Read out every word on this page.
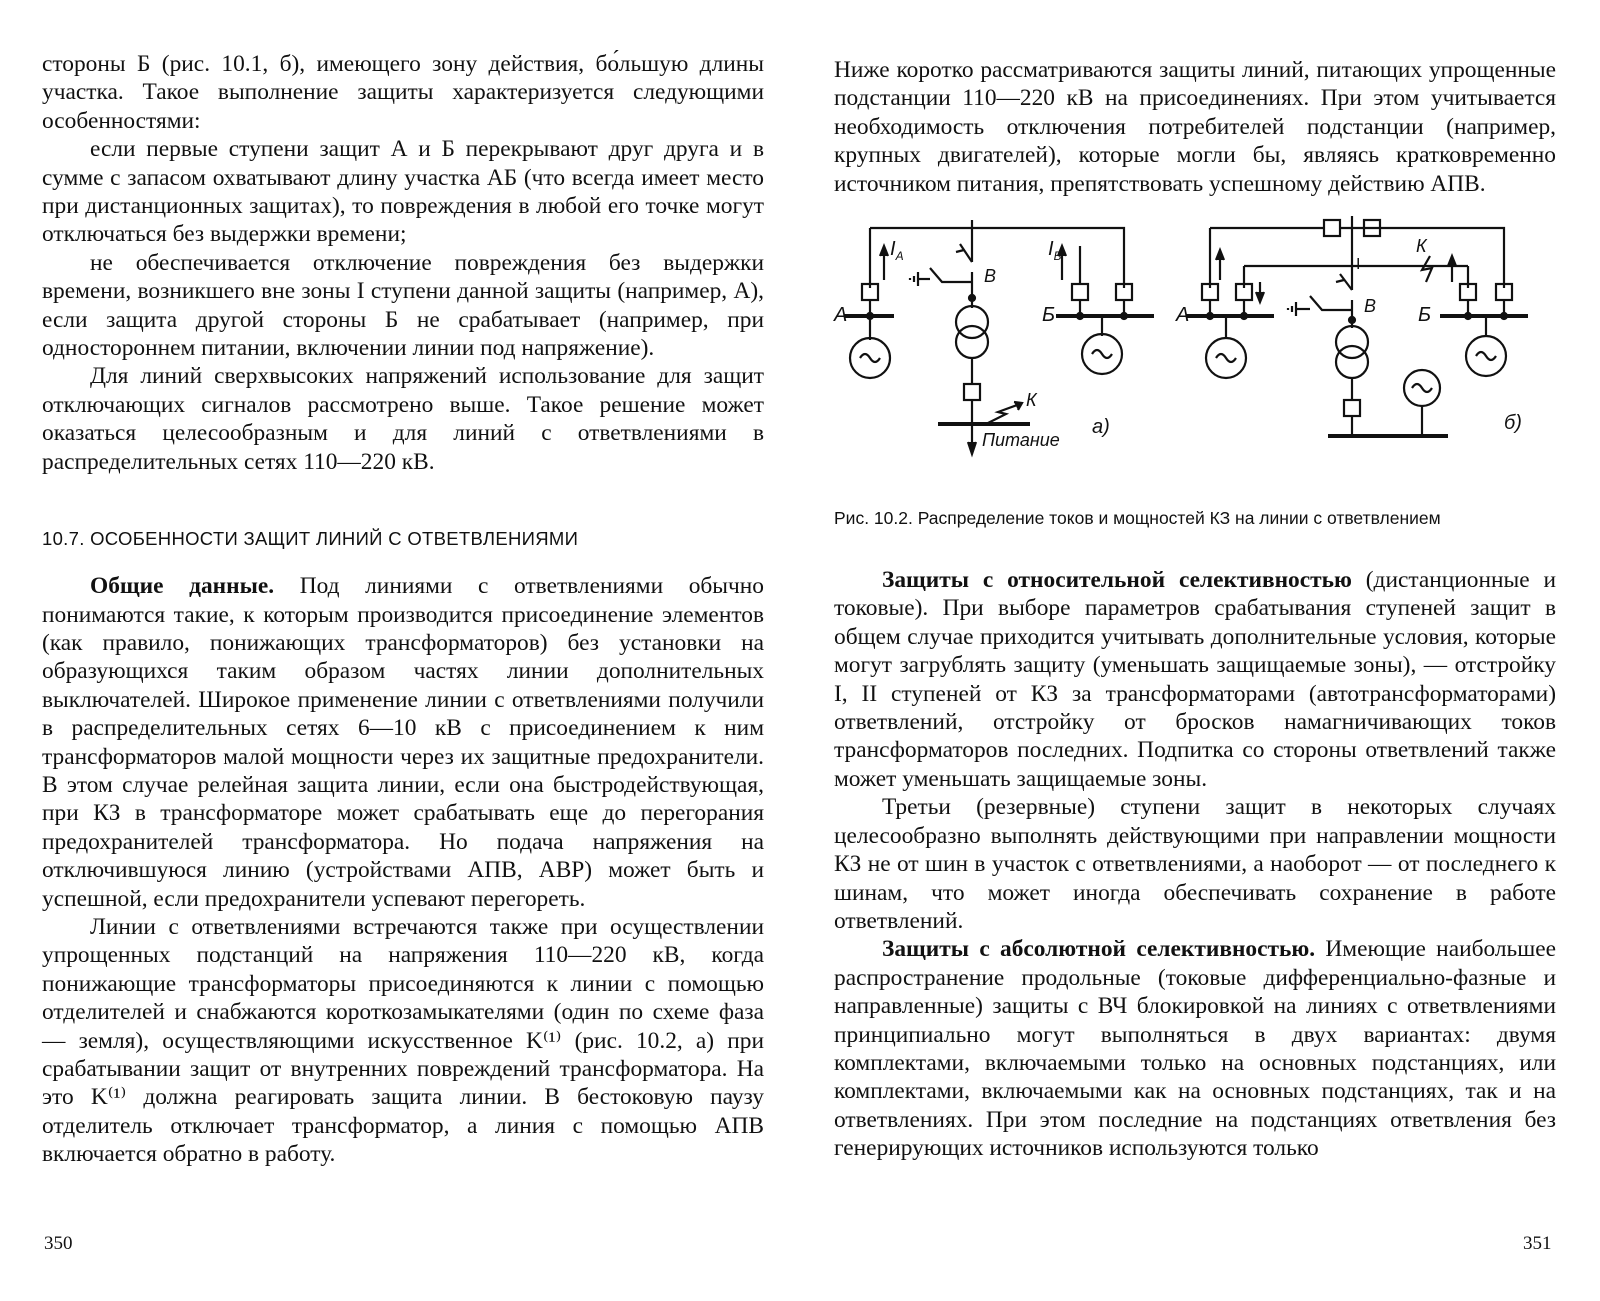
стороны Б (рис. 10.1, б), имеющего зону действия, бо́льшую длины участка. Такое выполнение защиты характеризуется следующими особенностями:

если первые ступени защит А и Б перекрывают друг друга и в сумме с запасом охватывают длину участка АБ (что всегда имеет место при дистанционных защитах), то повреждения в любой его точке могут отключаться без выдержки времени;

не обеспечивается отключение повреждения без выдержки времени, возникшего вне зоны I ступени данной защиты (например, А), если защита другой стороны Б не срабатывает (например, при одностороннем питании, включении линии под напряжение).

Для линий сверхвысоких напряжений использование для защит отключающих сигналов рассмотрено выше. Такое решение может оказаться целесообразным и для линий с ответвлениями в распределительных сетях 110—220 кВ.

10.7. ОСОБЕННОСТИ ЗАЩИТ ЛИНИЙ С ОТВЕТВЛЕНИЯМИ

Общие данные. Под линиями с ответвлениями обычно понимаются такие, к которым производится присоединение элементов (как правило, понижающих трансформаторов) без установки на образующихся таким образом частях линии дополнительных выключателей. Широкое применение линии с ответвлениями получили в распределительных сетях 6—10 кВ с присоединением к ним трансформаторов малой мощности через их защитные предохранители. В этом случае релейная защита линии, если она быстродействующая, при КЗ в трансформаторе может срабатывать еще до перегорания предохранителей трансформатора. Но подача напряжения на отключившуюся линию (устройствами АПВ, АВР) может быть и успешной, если предохранители успевают перегореть.

Линии с ответвлениями встречаются также при осуществлении упрощенных подстанций на напряжения 110—220 кВ, когда понижающие трансформаторы присоединяются к линии с помощью отделителей и снабжаются короткозамыкателями (один по схеме фаза — земля), осуществляющими искусственное K⁽¹⁾ (рис. 10.2, а) при срабатывании защит от внутренних повреждений трансформатора. На это K⁽¹⁾ должна реагировать защита линии. В бестоковую паузу отделитель отключает трансформатор, а линия с помощью АПВ включается обратно в работу.

350

Ниже коротко рассматриваются защиты линий, питающих упрощенные подстанции 110—220 кВ на присоединениях. При этом учитывается необходимость отключения потребителей подстанции (например, крупных двигателей), которые могли бы, являясь кратковременно источником питания, препятствовать успешному действию АПВ.

А	Б
В
$I_А$	$I_Б$
К
Питание
а)
А	Б
В
К
I
б)
Рис. 10.2. Распределение токов и мощностей КЗ на линии с ответвлением

Защиты с относительной селективностью (дистанционные и токовые). При выборе параметров срабатывания ступеней защит в общем случае приходится учитывать дополнительные условия, которые могут загрублять защиту (уменьшать защищаемые зоны), — отстройку I, II ступеней от КЗ за трансформаторами (автотрансформаторами) ответвлений, отстройку от бросков намагничивающих токов трансформаторов последних. Подпитка со стороны ответвлений также может уменьшать защищаемые зоны.

Третьи (резервные) ступени защит в некоторых случаях целесообразно выполнять действующими при направлении мощности КЗ не от шин в участок с ответвлениями, а наоборот — от последнего к шинам, что может иногда обеспечивать сохранение в работе ответвлений.

Защиты с абсолютной селективностью. Имеющие наибольшее распространение продольные (токовые дифференциально-фазные и направленные) защиты с ВЧ блокировкой на линиях с ответвлениями принципиально могут выполняться в двух вариантах: двумя комплектами, включаемыми только на основных подстанциях, или комплектами, включаемыми как на основных подстанциях, так и на ответвлениях. При этом последние на подстанциях ответвления без генерирующих источников используются только

351
